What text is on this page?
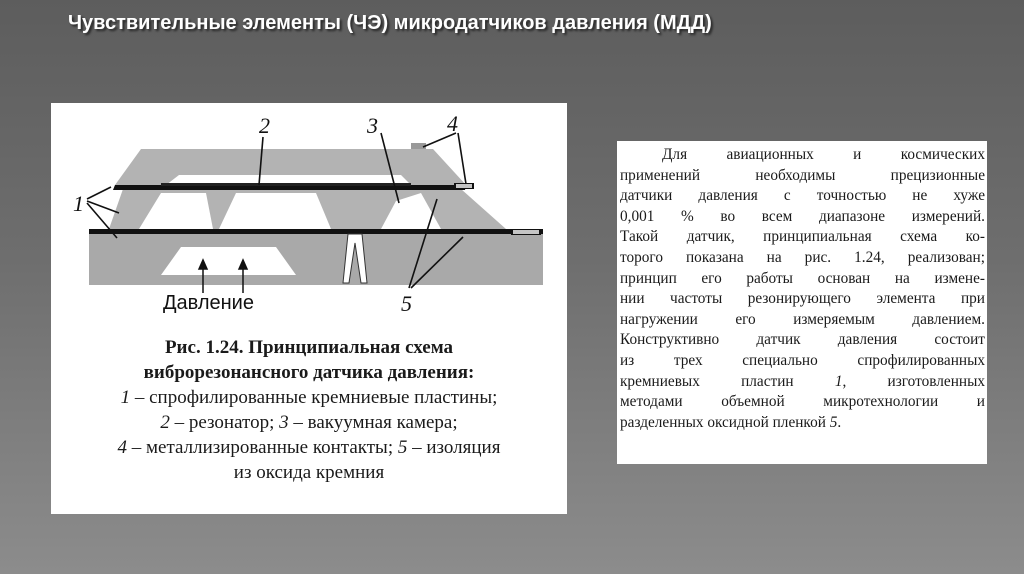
Чувствительные элементы (ЧЭ) микродатчиков давления (МДД)
1
2	3	4
5
Давление
Рис. 1.24. Принципиальная схема
виброрезонансного датчика давления:
1 – спрофилированные кремниевые пластины;
2 – резонатор; 3 – вакуумная камера;
4 – металлизированные контакты; 5 – изоляция
из оксида кремния
Для авиационных и космических
применений необходимы прецизионные
датчики давления с точностью не хуже
0,001 % во всем диапазоне измерений.
Такой датчик, принципиальная схема ко-
торого показана на рис. 1.24, реализован;
принцип его работы основан на измене-
нии частоты резонирующего элемента при
нагружении его измеряемым давлением.
Конструктивно датчик давления состоит
из трех специально спрофилированных
кремниевых пластин 1, изготовленных
методами объемной микротехнологии и
разделенных оксидной пленкой 5.
